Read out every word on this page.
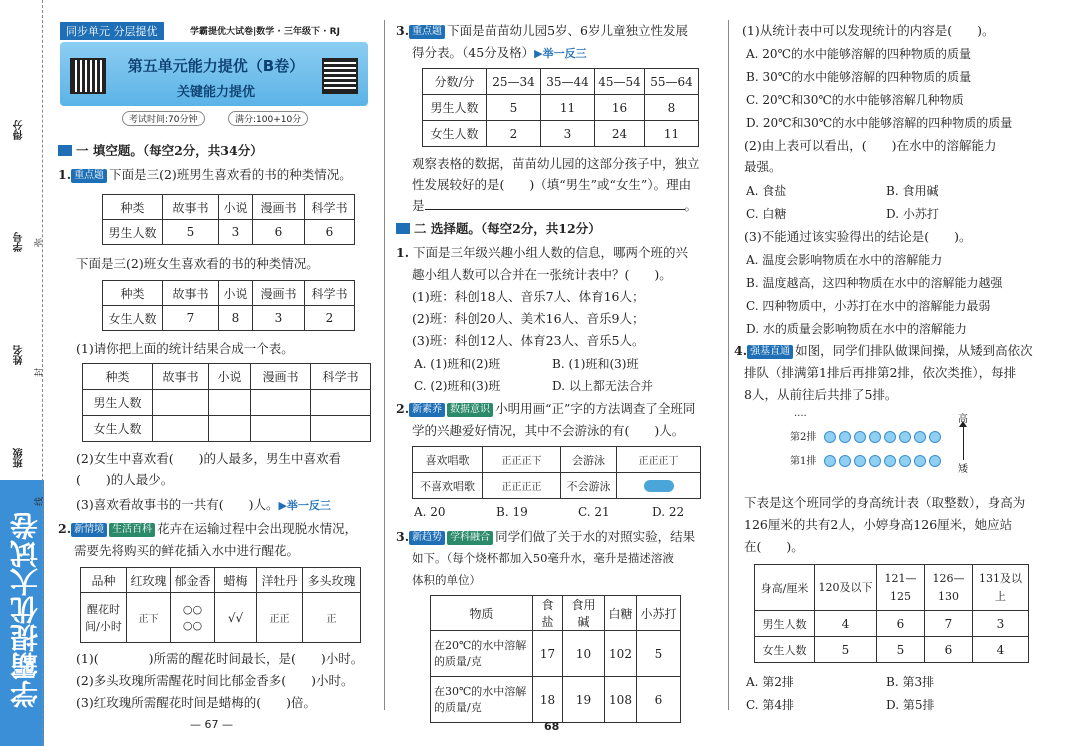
学霸提优大试卷
得分
学号
姓名
班级
弥
封
线
同步单元 分层提优	学霸提优大试卷|数学 · 三年级下 · RJ
第五单元能力提优（B卷）
关键能力提优
考试时间:70分钟	满分:100+10分
一 填空题。（每空2分，共34分）
1. 重点题 下面是三(2)班男生喜欢看的书的种类情况。
种类	故事书	小说	漫画书	科学书
男生人数	5	3	6	6
下面是三(2)班女生喜欢看的书的种类情况。
种类	故事书	小说	漫画书	科学书
女生人数	7	8	3	2
(1)请你把上面的统计结果合成一个表。
种类	故事书	小说	漫画书	科学书
男生人数				
女生人数				
(2)女生中喜欢看(　　)的人最多，男生中喜欢看
(　　)的人最少。
(3)喜欢看故事书的一共有(　　)人。▶举一反三
2. 新情境 生活百科 花卉在运输过程中会出现脱水情况，
需要先将购买的鲜花插入水中进行醒花。
品种	红玫瑰	郁金香	蜡梅	洋牡丹	多头玫瑰
醒花时间/小时	正下	○○ ○○	√√	正正	正
(1)(　　　　)所需的醒花时间最长，是(　　)小时。
(2)多头玫瑰所需醒花时间比郁金香多(　　)小时。
(3)红玫瑰所需醒花时间是蜡梅的(　　)倍。
— 67 —
3. 重点题 下面是苗苗幼儿园5岁、6岁儿童独立性发展
得分表。（45分及格）▶举一反三
分数/分	25—34	35—44	45—54	55—64
男生人数	5	11	16	8
女生人数	2	3	24	11
观察表格的数据，苗苗幼儿园的这部分孩子中，独立
性发展较好的是(　　)（填“男生”或“女生”）。理由
是	。
二 选择题。（每空2分，共12分）
1. 下面是三年级兴趣小组人数的信息，哪两个班的兴
趣小组人数可以合并在一张统计表中？(　　)。
(1)班：科创18人、音乐7人、体育16人；
(2)班：科创20人、美术16人、音乐9人；
(3)班：科创12人、体育23人、音乐5人。
A. (1)班和(2)班	B. (1)班和(3)班
C. (2)班和(3)班	D. 以上都无法合并
2. 新素养 数据意识 小明用画“正”字的方法调查了全班同
学的兴趣爱好情况，其中不会游泳的有(　　)人。
喜欢唱歌	正正正下	会游泳	正正正丁
不喜欢唱歌	正正正正	不会游泳	
A. 20	B. 19	C. 21	D. 22
3. 新趋势 学科融合 同学们做了关于水的对照实验，结果
如下。（每个烧杯都加入50毫升水，毫升是描述溶液
体积的单位）
物质	食盐	食用碱	白糖	小苏打
在20℃的水中溶解的质量/克	17	10	102	5
在30℃的水中溶解的质量/克	18	19	108	6
68
(1)从统计表中可以发现统计的内容是(　　)。
A. 20℃的水中能够溶解的四种物质的质量
B. 30℃的水中能够溶解的四种物质的质量
C. 20℃和30℃的水中能够溶解几种物质
D. 20℃和30℃的水中能够溶解的四种物质的质量
(2)由上表可以看出，(　　)在水中的溶解能力
最强。
A. 食盐	B. 食用碱
C. 白糖	D. 小苏打
(3)不能通过该实验得出的结论是(　　)。
A. 温度会影响物质在水中的溶解能力
B. 温度越高，这四种物质在水中的溶解能力越强
C. 四种物质中，小苏打在水中的溶解能力最弱
D. 水的质量会影响物质在水中的溶解能力
4. 强基直通 如图，同学们排队做课间操，从矮到高依次
排队（排满第1排后再排第2排，依次类推），每排
8人，从前往后共排了5排。
....
第2排
第1排
高
矮
下表是这个班同学的身高统计表（取整数），身高为
126厘米的共有2人，小婷身高126厘米，她应站
在(　　)。
身高/厘米	120及以下	121—125	126—130	131及以上
男生人数	4	6	7	3
女生人数	5	5	6	4
A. 第2排	B. 第3排
C. 第4排	D. 第5排
